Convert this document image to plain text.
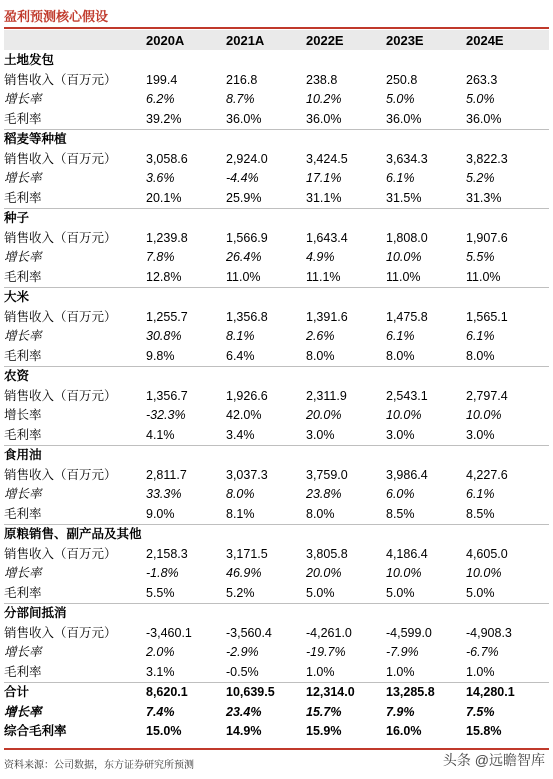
盈利预测核心假设
2020A	2021A	2022E	2023E	2024E
土地发包
销售收入（百万元） 199.4	216.8	238.8	250.8	263.3
增长率	6.2%	8.7%	10.2%	5.0%	5.0%
毛利率	39.2%	36.0%	36.0%	36.0%	36.0%
稻麦等种植
销售收入（百万元） 3,058.6	2,924.0	3,424.5	3,634.3	3,822.3
增长率	3.6%	-4.4%	17.1%	6.1%	5.2%
毛利率	20.1%	25.9%	31.1%	31.5%	31.3%
种子
销售收入（百万元） 1,239.8	1,566.9	1,643.4	1,808.0	1,907.6
增长率	7.8%	26.4%	4.9%	10.0%	5.5%
毛利率	12.8%	11.0%	11.1%	11.0%	11.0%
大米
销售收入（百万元） 1,255.7	1,356.8	1,391.6	1,475.8	1,565.1
增长率	30.8%	8.1%	2.6%	6.1%	6.1%
毛利率	9.8%	6.4%	8.0%	8.0%	8.0%
农资
销售收入（百万元） 1,356.7	1,926.6	2,311.9	2,543.1	2,797.4
增长率	-32.3%	42.0%	20.0%	10.0%	10.0%
毛利率	4.1%	3.4%	3.0%	3.0%	3.0%
食用油
销售收入（百万元） 2,811.7	3,037.3	3,759.0	3,986.4	4,227.6
增长率	33.3%	8.0%	23.8%	6.0%	6.1%
毛利率	9.0%	8.1%	8.0%	8.5%	8.5%
原粮销售、副产品及其他
销售收入（百万元） 2,158.3	3,171.5	3,805.8	4,186.4	4,605.0
增长率	-1.8%	46.9%	20.0%	10.0%	10.0%
毛利率	5.5%	5.2%	5.0%	5.0%	5.0%
分部间抵消
销售收入（百万元） -3,460.1	-3,560.4	-4,261.0	-4,599.0	-4,908.3
增长率	2.0%	-2.9%	-19.7%	-7.9%	-6.7%
毛利率	3.1%	-0.5%	1.0%	1.0%	1.0%
合计	8,620.1	10,639.5	12,314.0	13,285.8	14,280.1
增长率	7.4%	23.4%	15.7%	7.9%	7.5%
综合毛利率	15.0%	14.9%	15.9%	16.0%	15.8%
资料来源：公司数据，东方证券研究所预测	头条 @远瞻智库
